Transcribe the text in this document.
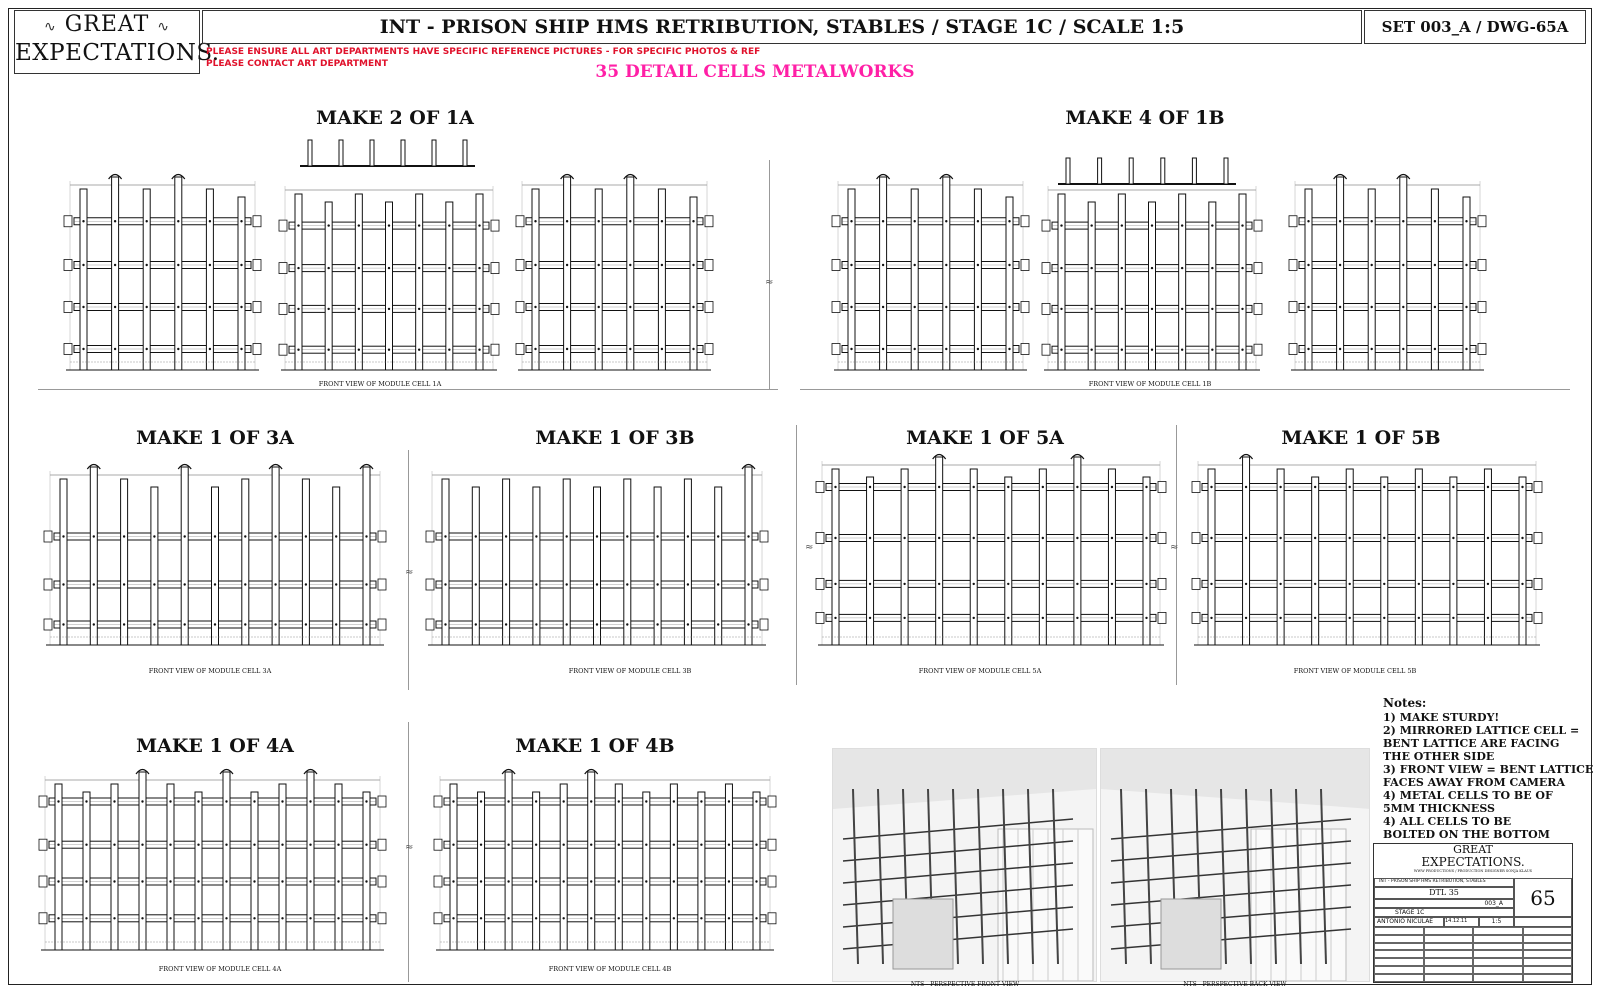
∿ GREAT ∿
EXPECTATIONS.
INT - PRISON SHIP HMS RETRIBUTION, STABLES / STAGE 1C / SCALE 1:5	SET 003_A / DWG-65A
PLEASE ENSURE ALL ART DEPARTMENTS HAVE SPECIFIC REFERENCE PICTURES - FOR SPECIFIC PHOTOS & REF
PLEASE CONTACT ART DEPARTMENT	35 DETAIL CELLS METALWORKS
MAKE 2 OF 1A	MAKE 4 OF 1B
MAKE 1 OF 3A	MAKE 1 OF 3B	MAKE 1 OF 5A	MAKE 1 OF 5B
MAKE 1 OF 4A	MAKE 1 OF 4B
FRONT VIEW OF MODULE CELL 1A	FRONT VIEW OF MODULE CELL 1B
FRONT VIEW OF MODULE CELL 3A	FRONT VIEW OF MODULE CELL 3B	FRONT VIEW OF MODULE CELL 5A	FRONT VIEW OF MODULE CELL 5B
FRONT VIEW OF MODULE CELL 4A	FRONT VIEW OF MODULE CELL 4B
≈
≈
≈	≈
≈
NTS - PERSPECTIVE FRONT VIEW	NTS - PERSPECTIVE BACK VIEW
Notes:
1) MAKE STURDY!
2) MIRRORED LATTICE CELL =
BENT LATTICE ARE FACING
THE OTHER SIDE
3) FRONT VIEW = BENT LATTICE
FACES AWAY FROM CAMERA
4) METAL CELLS TO BE OF
5MM THICKNESS
4) ALL CELLS TO BE
BOLTED ON THE BOTTOM
GREAT
EXPECTATIONS.
WWW PRODUCTIONS / PRODUCTION DESIGNER SONJA KLAUS
INT - PRISON SHIP HMS RETRIBUTION, STABLES
DTL 35
003_A
STAGE 1C
ANTONIO NICULAE	14.12.11	1:5
65
